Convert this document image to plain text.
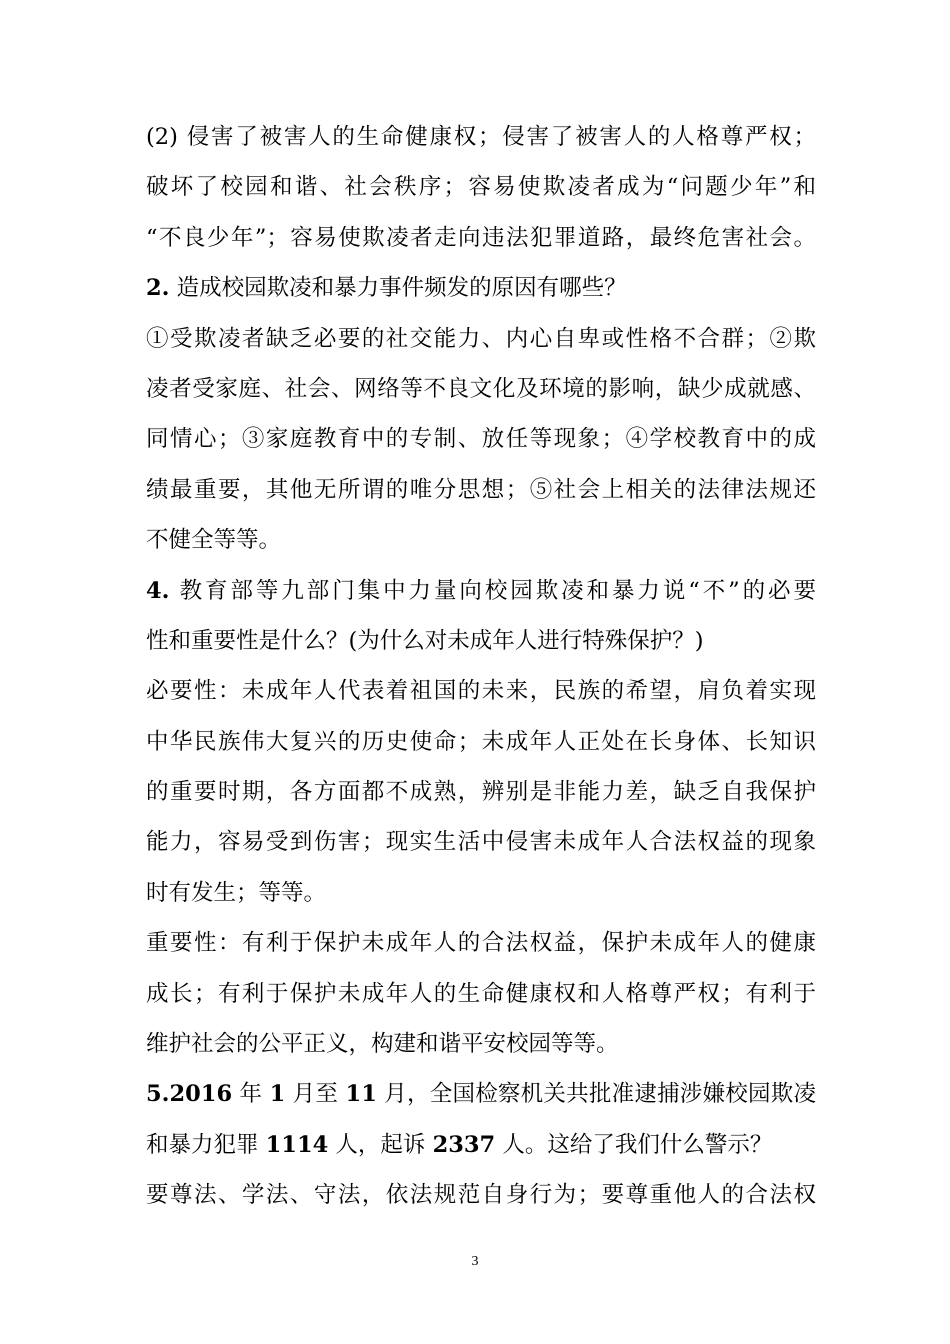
(2) 侵害了被害人的生命健康权；侵害了被害人的人格尊严权；
破坏了校园和谐、社会秩序；容易使欺凌者成为“问题少年”和
“不良少年”；容易使欺凌者走向违法犯罪道路，最终危害社会。
2. 造成校园欺凌和暴力事件频发的原因有哪些？
①受欺凌者缺乏必要的社交能力、内心自卑或性格不合群；②欺
凌者受家庭、社会、网络等不良文化及环境的影响，缺少成就感、
同情心；③家庭教育中的专制、放任等现象；④学校教育中的成
绩最重要，其他无所谓的唯分思想；⑤社会上相关的法律法规还
不健全等等。
4. 教育部等九部门集中力量向校园欺凌和暴力说“不”的必要
性和重要性是什么？(为什么对未成年人进行特殊保护？)
必要性：未成年人代表着祖国的未来，民族的希望，肩负着实现
中华民族伟大复兴的历史使命；未成年人正处在长身体、长知识
的重要时期，各方面都不成熟，辨别是非能力差，缺乏自我保护
能力，容易受到伤害；现实生活中侵害未成年人合法权益的现象
时有发生；等等。
重要性：有利于保护未成年人的合法权益，保护未成年人的健康
成长；有利于保护未成年人的生命健康权和人格尊严权；有利于
维护社会的公平正义，构建和谐平安校园等等。
5.2016 年 1 月至 11 月，全国检察机关共批准逮捕涉嫌校园欺凌
和暴力犯罪 1114 人，起诉 2337 人。这给了我们什么警示？
要尊法、学法、守法，依法规范自身行为；要尊重他人的合法权
3
